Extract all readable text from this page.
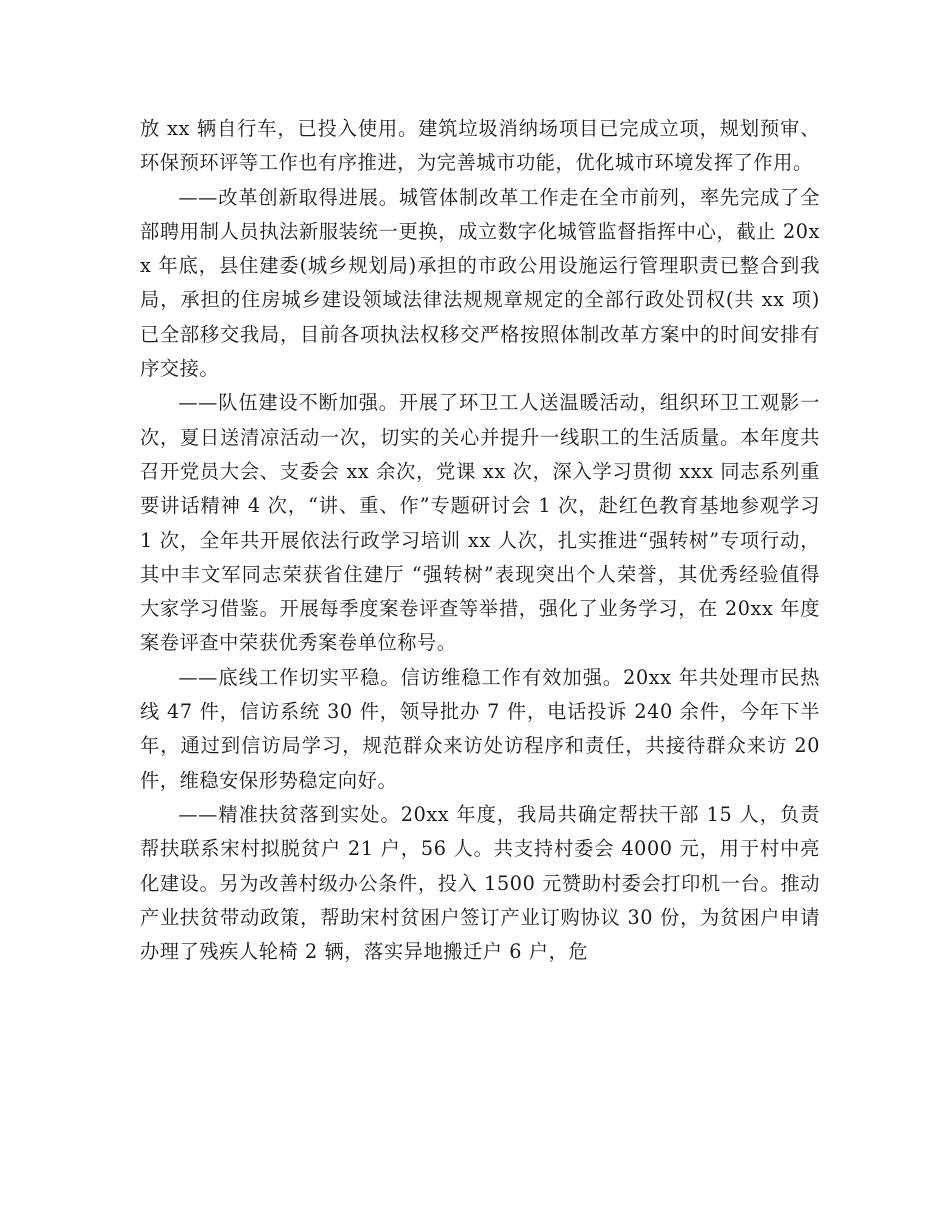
放 xx 辆自行车，已投入使用。建筑垃圾消纳场项目已完成立项，规划预审、环保预环评等工作也有序推进，为完善城市功能，优化城市环境发挥了作用。

——改革创新取得进展。城管体制改革工作走在全市前列，率先完成了全部聘用制人员执法新服装统一更换，成立数字化城管监督指挥中心，截止 20xx 年底，县住建委(城乡规划局)承担的市政公用设施运行管理职责已整合到我局，承担的住房城乡建设领域法律法规规章规定的全部行政处罚权(共 xx 项)已全部移交我局，目前各项执法权移交严格按照体制改革方案中的时间安排有序交接。

——队伍建设不断加强。开展了环卫工人送温暖活动，组织环卫工观影一次，夏日送清凉活动一次，切实的关心并提升一线职工的生活质量。本年度共召开党员大会、支委会 xx 余次，党课 xx 次，深入学习贯彻 xxx 同志系列重要讲话精神 4 次，“讲、重、作”专题研讨会 1 次，赴红色教育基地参观学习 1 次，全年共开展依法行政学习培训 xx 人次，扎实推进“强转树”专项行动，其中丰文军同志荣获省住建厅 “强转树”表现突出个人荣誉，其优秀经验值得大家学习借鉴。开展每季度案卷评查等举措，强化了业务学习，在 20xx 年度案卷评查中荣获优秀案卷单位称号。

——底线工作切实平稳。信访维稳工作有效加强。20xx 年共处理市民热线 47 件，信访系统 30 件，领导批办 7 件，电话投诉 240 余件，今年下半年，通过到信访局学习，规范群众来访处访程序和责任，共接待群众来访 20 件，维稳安保形势稳定向好。

——精准扶贫落到实处。20xx 年度，我局共确定帮扶干部 15 人，负责帮扶联系宋村拟脱贫户 21 户，56 人。共支持村委会 4000 元，用于村中亮化建设。另为改善村级办公条件，投入 1500 元赞助村委会打印机一台。推动产业扶贫带动政策，帮助宋村贫困户签订产业订购协议 30 份，为贫困户申请办理了残疾人轮椅 2 辆，落实异地搬迁户 6 户，危
